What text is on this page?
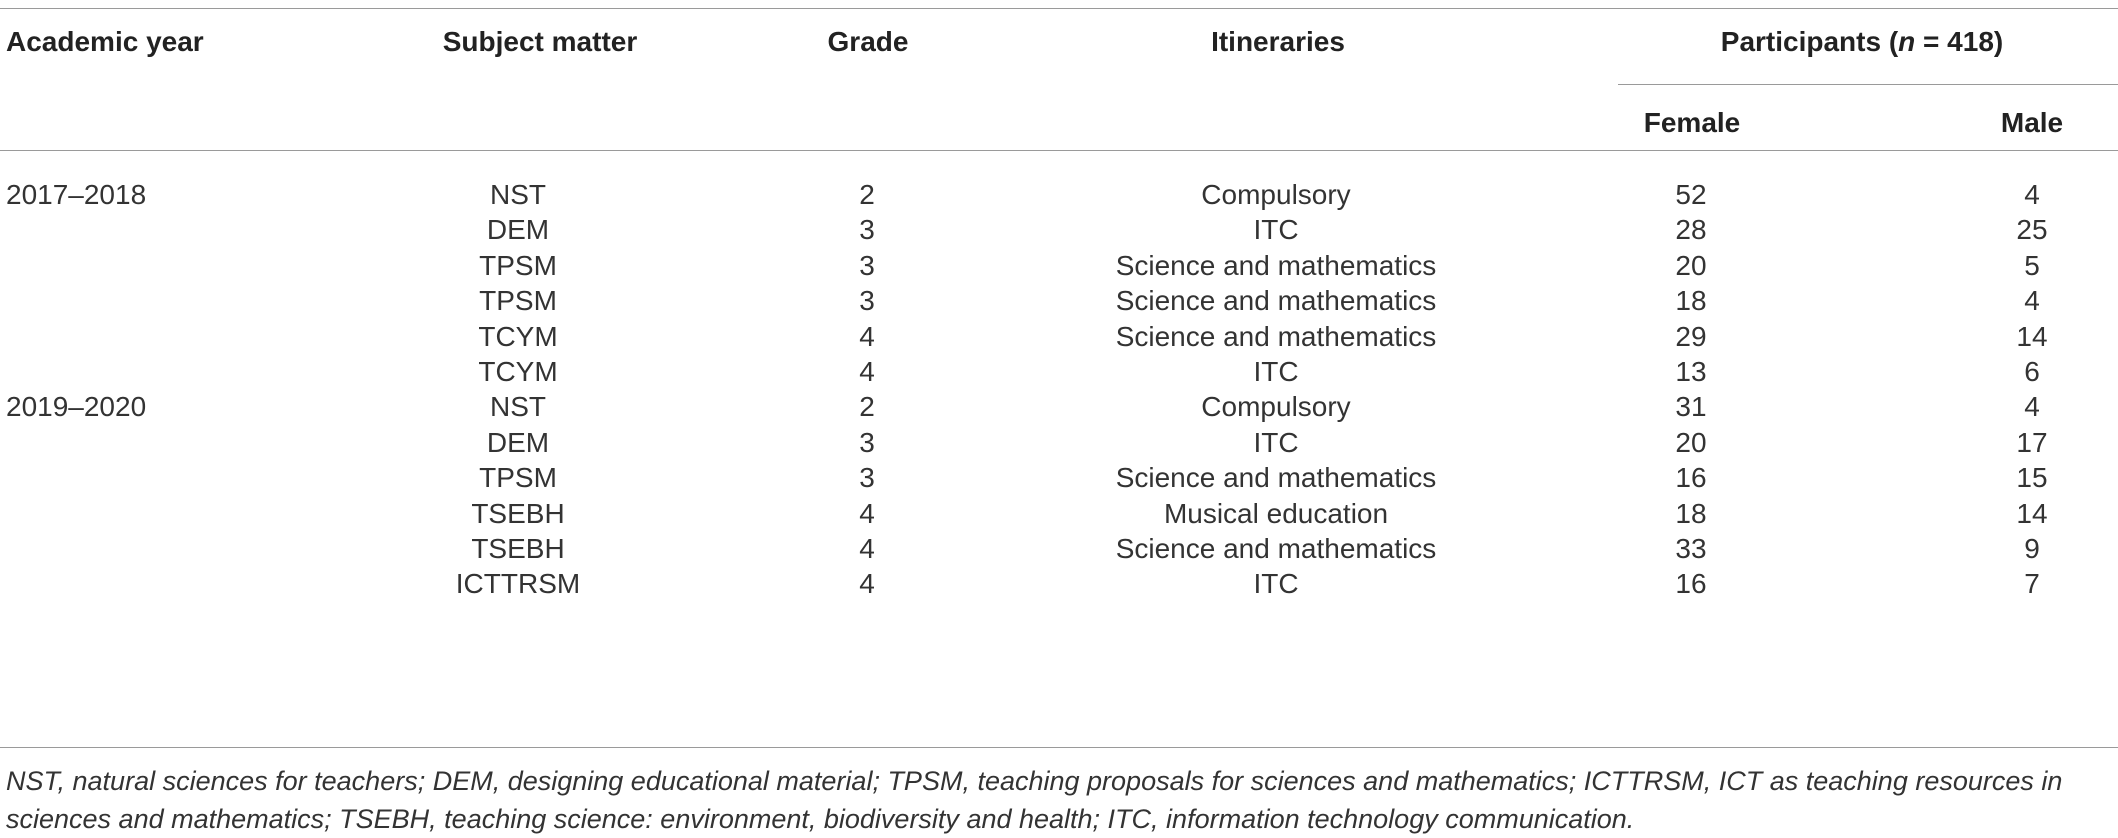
Academic year	Subject matter	Grade	Itineraries	Participants (n = 418)
Female	Male
2017–2018	NST	2	Compulsory	52	4
DEM	3	ITC	28	25
TPSM	3	Science and mathematics	20	5
TPSM	3	Science and mathematics	18	4
TCYM	4	Science and mathematics	29	14
TCYM	4	ITC	13	6
2019–2020	NST	2	Compulsory	31	4
DEM	3	ITC	20	17
TPSM	3	Science and mathematics	16	15
TSEBH	4	Musical education	18	14
TSEBH	4	Science and mathematics	33	9
ICTTRSM	4	ITC	16	7
NST, natural sciences for teachers; DEM, designing educational material; TPSM, teaching proposals for sciences and mathematics; ICTTRSM, ICT as teaching resources in sciences and mathematics; TSEBH, teaching science: environment, biodiversity and health; ITC, information technology communication.
